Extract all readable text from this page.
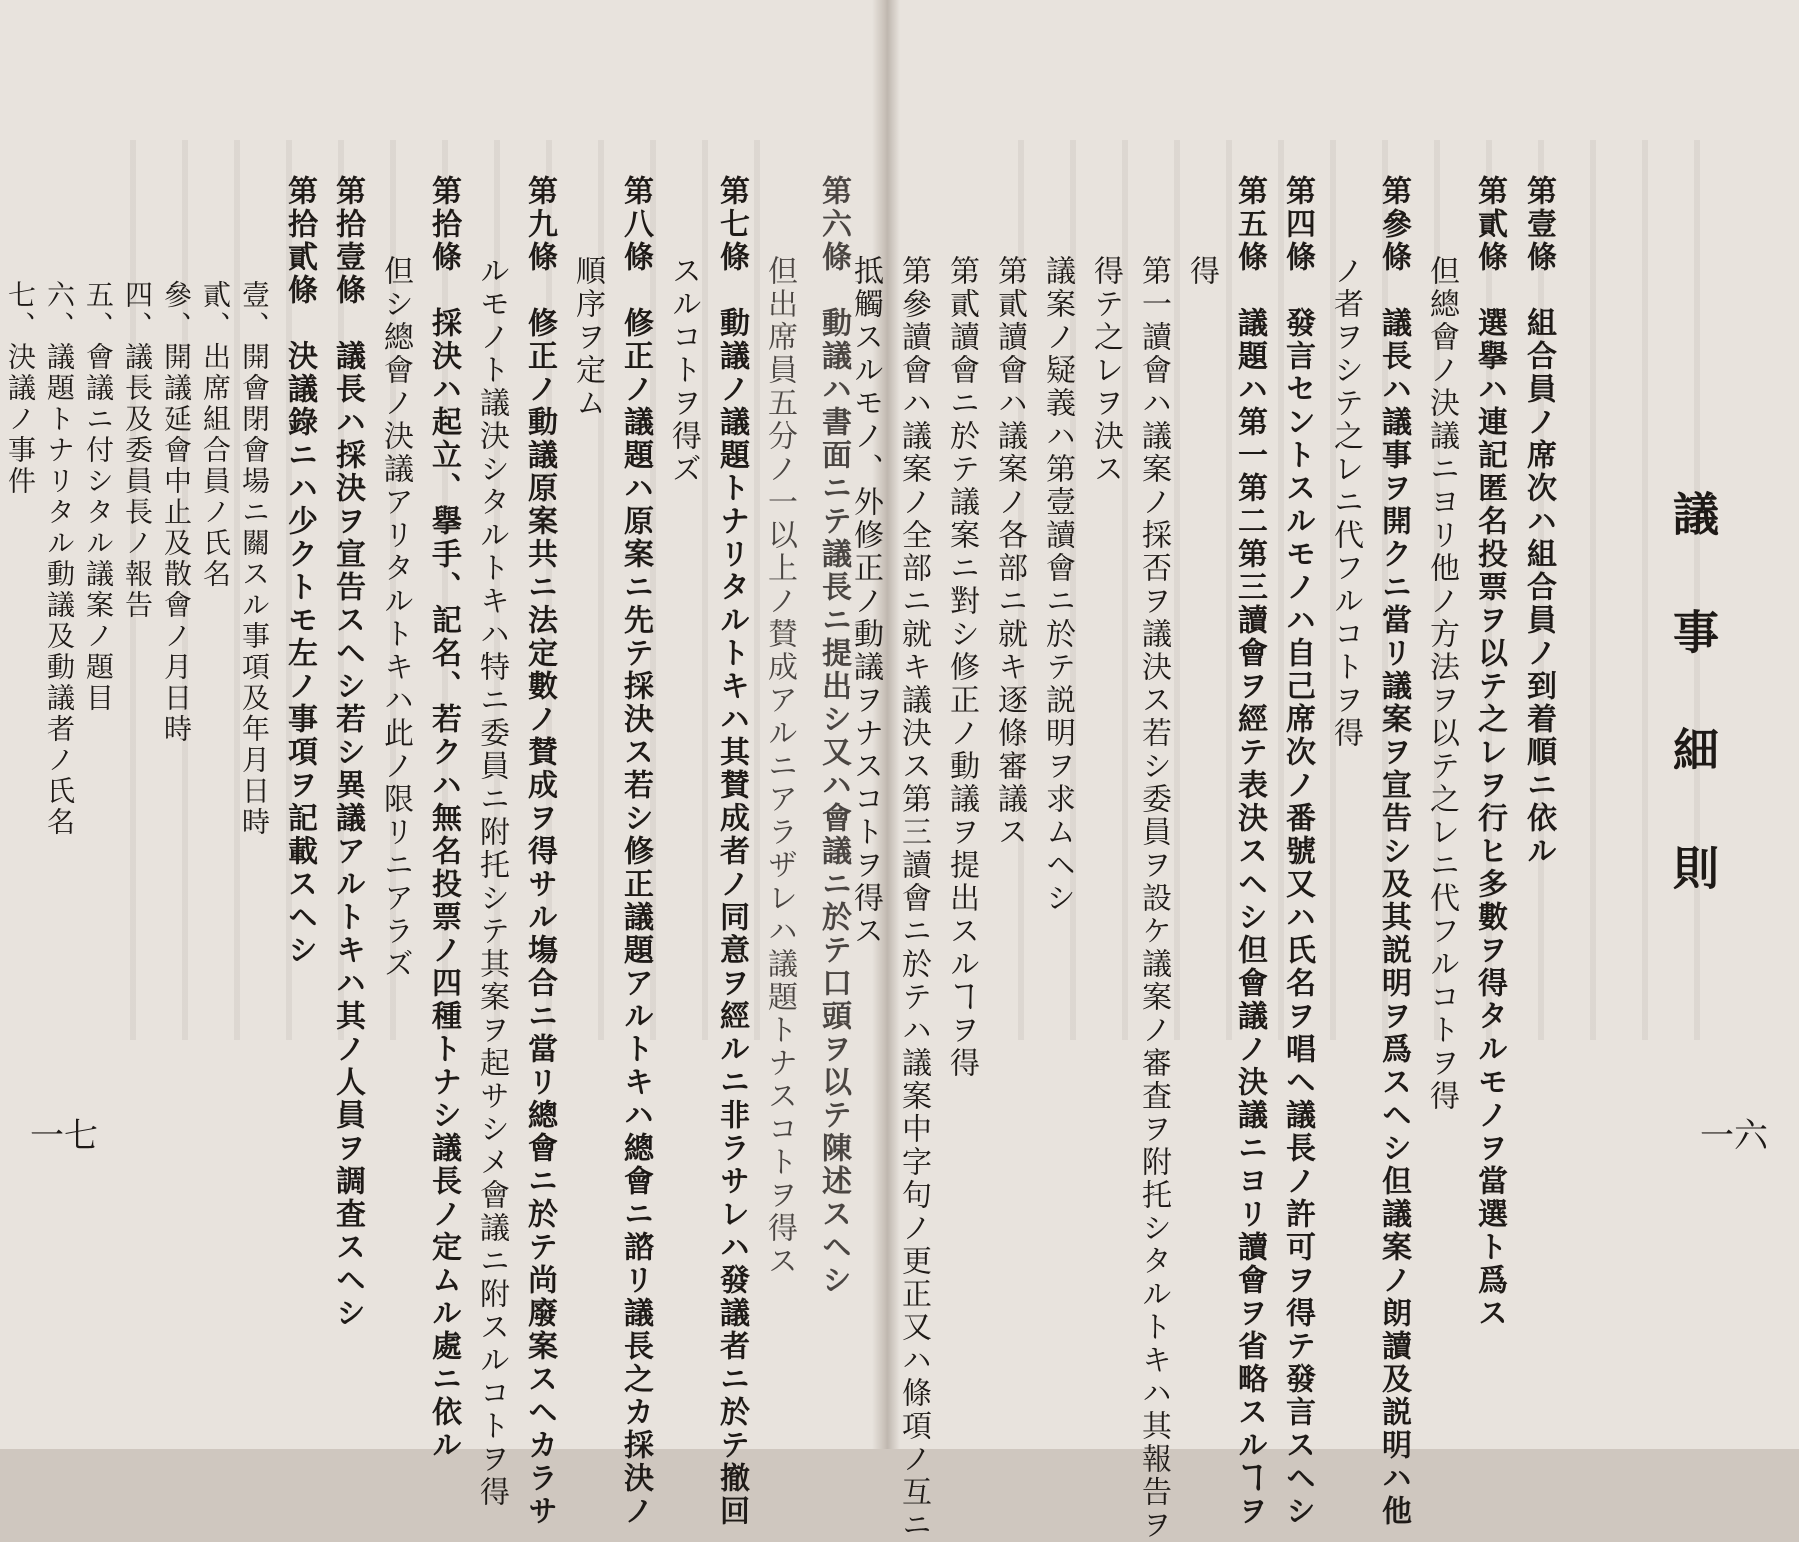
議事細則
第壹條　組合員ノ席次ハ組合員ノ到着順ニ依ル
第貳條　選擧ハ連記匿名投票ヲ以テ之レヲ行ヒ多數ヲ得タルモノヲ當選ト爲ス
但總會ノ決議ニヨリ他ノ方法ヲ以テ之レニ代フルコトヲ得
第參條　議長ハ議事ヲ開クニ當リ議案ヲ宣告シ及其説明ヲ爲スヘシ但議案ノ朗讀及説明ハ他
ノ者ヲシテ之レニ代フルコトヲ得
第四條　發言セントスルモノハ自己席次ノ番號又ハ氏名ヲ唱ヘ議長ノ許可ヲ得テ發言スヘシ
第五條　議題ハ第一第二第三讀會ヲ經テ表決スヘシ但會議ノ決議ニヨリ讀會ヲ省略スルヿヲ
得
第一讀會ハ議案ノ採否ヲ議決ス若シ委員ヲ設ケ議案ノ審査ヲ附托シタルトキハ其報告ヲ
得テ之レヲ決ス
議案ノ疑義ハ第壹讀會ニ於テ説明ヲ求ムヘシ
第貳讀會ハ議案ノ各部ニ就キ逐條審議ス
第貳讀會ニ於テ議案ニ對シ修正ノ動議ヲ提出スルヿヲ得
第參讀會ハ議案ノ全部ニ就キ議決ス第三讀會ニ於テハ議案中字句ノ更正又ハ條項ノ互ニ
抵觸スルモノ、外修正ノ動議ヲナスコトヲ得ス
第六條　動議ハ書面ニテ議長ニ提出シ又ハ會議ニ於テ口頭ヲ以テ陳述スヘシ
但出席員五分ノ一以上ノ賛成アルニアラザレハ議題トナスコトヲ得ス
第七條　動議ノ議題トナリタルトキハ其賛成者ノ同意ヲ經ルニ非ラサレハ發議者ニ於テ撤回
スルコトヲ得ズ
第八條　修正ノ議題ハ原案ニ先テ採決ス若シ修正議題アルトキハ總會ニ諮リ議長之カ採決ノ
順序ヲ定ム
第九條　修正ノ動議原案共ニ法定數ノ賛成ヲ得サル塲合ニ當リ總會ニ於テ尚廢案スヘカラサ
ルモノト議決シタルトキハ特ニ委員ニ附托シテ其案ヲ起サシメ會議ニ附スルコトヲ得
第拾條　採決ハ起立、擧手、記名、若クハ無名投票ノ四種トナシ議長ノ定ムル處ニ依ル
但シ總會ノ決議アリタルトキハ此ノ限リニアラズ
第拾壹條　議長ハ採決ヲ宣告スヘシ若シ異議アルトキハ其ノ人員ヲ調査スヘシ
第拾貳條　決議錄ニハ少クトモ左ノ事項ヲ記載スヘシ
壹、開會閉會場ニ關スル事項及年月日時
貳、出席組合員ノ氏名
參、開議延會中止及散會ノ月日時
四、議長及委員長ノ報告
五、會議ニ付シタル議案ノ題目
六、議題トナリタル動議及動議者ノ氏名
七、決議ノ事件
一六
一七
